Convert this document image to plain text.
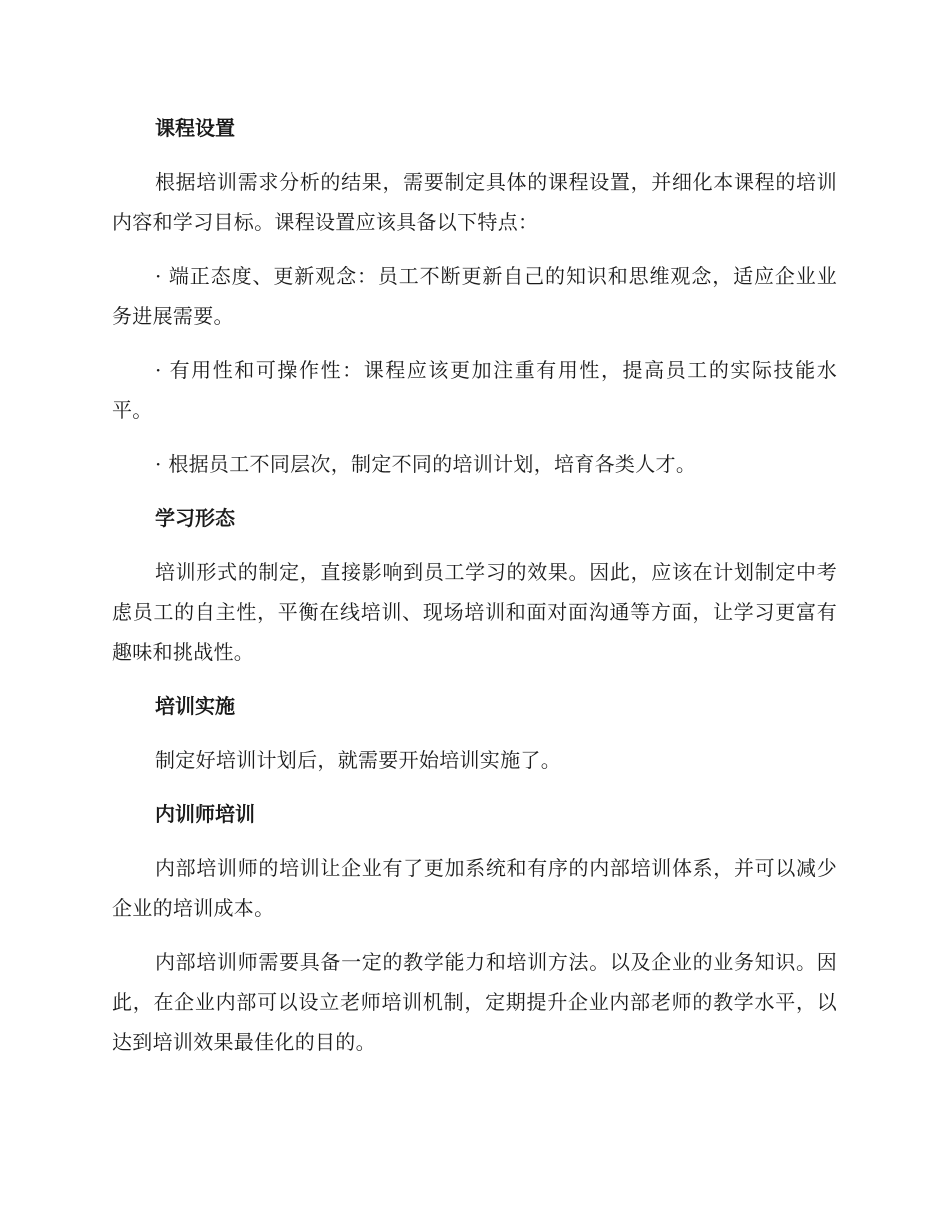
课程设置

根据培训需求分析的结果，需要制定具体的课程设置，并细化本课程的培训内容和学习目标。课程设置应该具备以下特点：

· 端正态度、更新观念：员工不断更新自己的知识和思维观念，适应企业业务进展需要。

· 有用性和可操作性：课程应该更加注重有用性，提高员工的实际技能水平。

· 根据员工不同层次，制定不同的培训计划，培育各类人才。

学习形态

培训形式的制定，直接影响到员工学习的效果。因此，应该在计划制定中考虑员工的自主性，平衡在线培训、现场培训和面对面沟通等方面，让学习更富有趣味和挑战性。

培训实施

制定好培训计划后，就需要开始培训实施了。

内训师培训

内部培训师的培训让企业有了更加系统和有序的内部培训体系，并可以减少企业的培训成本。

内部培训师需要具备一定的教学能力和培训方法。以及企业的业务知识。因此，在企业内部可以设立老师培训机制，定期提升企业内部老师的教学水平，以达到培训效果最佳化的目的。
